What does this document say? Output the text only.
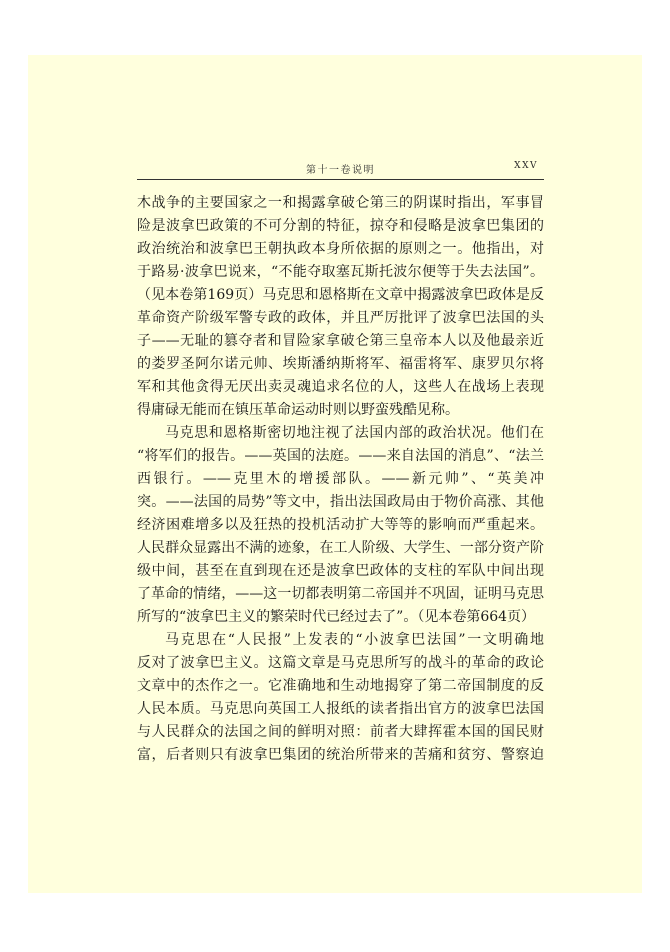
第十一卷说明	XXV
木战争的主要国家之一和揭露拿破仑第三的阴谋时指出，军事冒
险是波拿巴政策的不可分割的特征，掠夺和侵略是波拿巴集团的
政治统治和波拿巴王朝执政本身所依据的原则之一。他指出，对
于路易·波拿巴说来，“不能夺取塞瓦斯托波尔便等于失去法国”。
（见本卷第169页）马克思和恩格斯在文章中揭露波拿巴政体是反
革命资产阶级军警专政的政体，并且严厉批评了波拿巴法国的头
子——无耻的篡夺者和冒险家拿破仑第三皇帝本人以及他最亲近
的娄罗圣阿尔诺元帅、埃斯潘纳斯将军、福雷将军、康罗贝尔将
军和其他贪得无厌出卖灵魂追求名位的人，这些人在战场上表现
得庸碌无能而在镇压革命运动时则以野蛮残酷见称。
马克思和恩格斯密切地注视了法国内部的政治状况。他们在
“将军们的报告。——英国的法庭。——来自法国的消息”、“法兰
西银行。——克里木的增援部队。——新元帅”、“英美冲
突。——法国的局势”等文中，指出法国政局由于物价高涨、其他
经济困难增多以及狂热的投机活动扩大等等的影响而严重起来。
人民群众显露出不满的迹象，在工人阶级、大学生、一部分资产阶
级中间，甚至在直到现在还是波拿巴政体的支柱的军队中间出现
了革命的情绪，——这一切都表明第二帝国并不巩固，证明马克思
所写的“波拿巴主义的繁荣时代已经过去了”。（见本卷第664页）
马克思在“人民报”上发表的“小波拿巴法国”一文明确地
反对了波拿巴主义。这篇文章是马克思所写的战斗的革命的政论
文章中的杰作之一。它准确地和生动地揭穿了第二帝国制度的反
人民本质。马克思向英国工人报纸的读者指出官方的波拿巴法国
与人民群众的法国之间的鲜明对照：前者大肆挥霍本国的国民财
富，后者则只有波拿巴集团的统治所带来的苦痛和贫穷、警察迫
